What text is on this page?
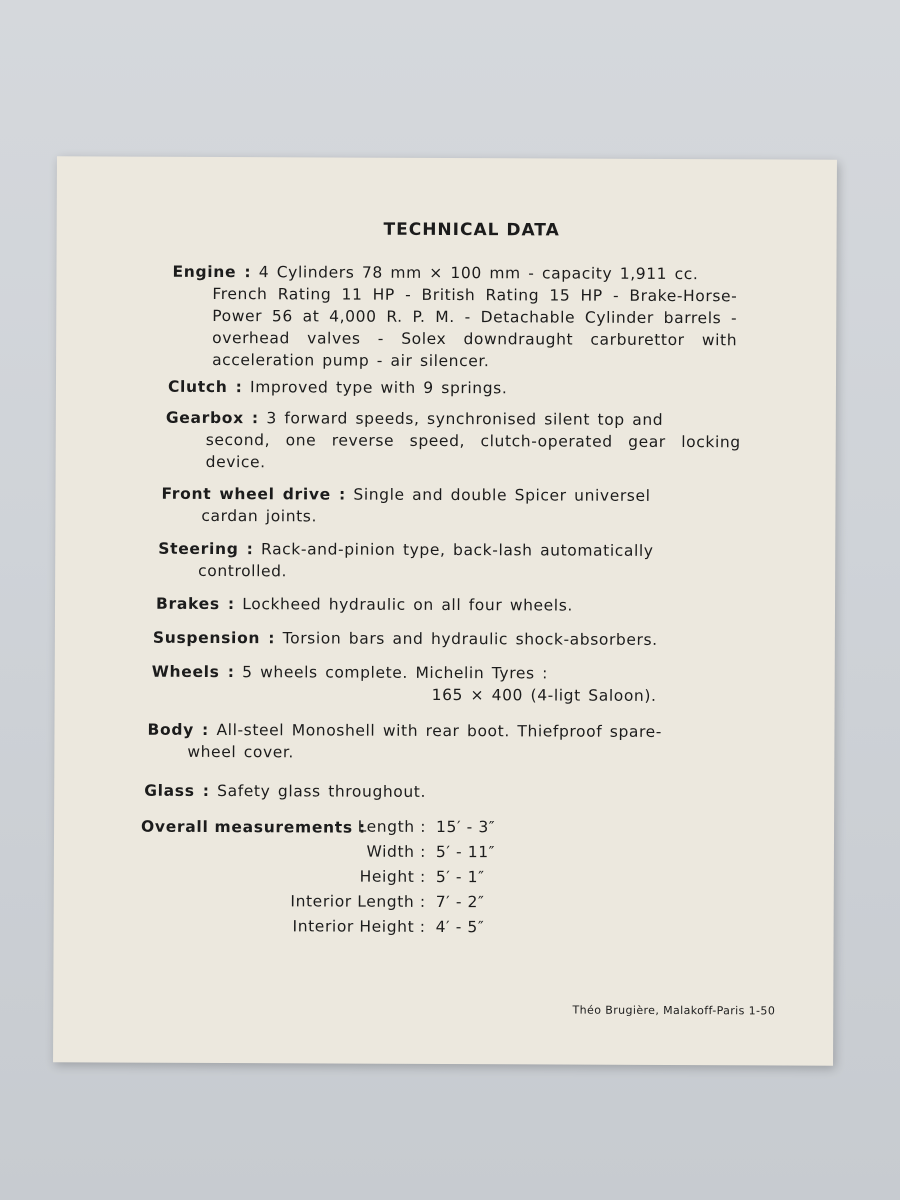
TECHNICAL DATA
Engine : 4 Cylinders 78 mm × 100 mm - capacity 1,911 cc.
French Rating 11 HP - British Rating 15 HP - Brake-Horse-Power 56 at 4,000 R. P. M. - Detachable Cylinder barrels - overhead valves - Solex downdraught carburettor with acceleration pump - air silencer.
Clutch : Improved type with 9 springs.
Gearbox : 3 forward speeds, synchronised silent top and
second, one reverse speed, clutch-operated gear locking device.
Front wheel drive : Single and double Spicer universel
cardan joints.
Steering : Rack-and-pinion type, back-lash automatically
controlled.
Brakes : Lockheed hydraulic on all four wheels.
Suspension : Torsion bars and hydraulic shock-absorbers.
Wheels : 5 wheels complete. Michelin Tyres :
165 × 400 (4-ligt Saloon).
Body : All-steel Monoshell with rear boot. Thiefproof spare-
wheel cover.
Glass : Safety glass throughout.
Overall measurements :
Length : 15′ - 3″
Width : 5′ - 11″
Height : 5′ - 1″
Interior Length : 7′ - 2″
Interior Height : 4′ - 5″
Théo Brugière, Malakoff-Paris 1-50
